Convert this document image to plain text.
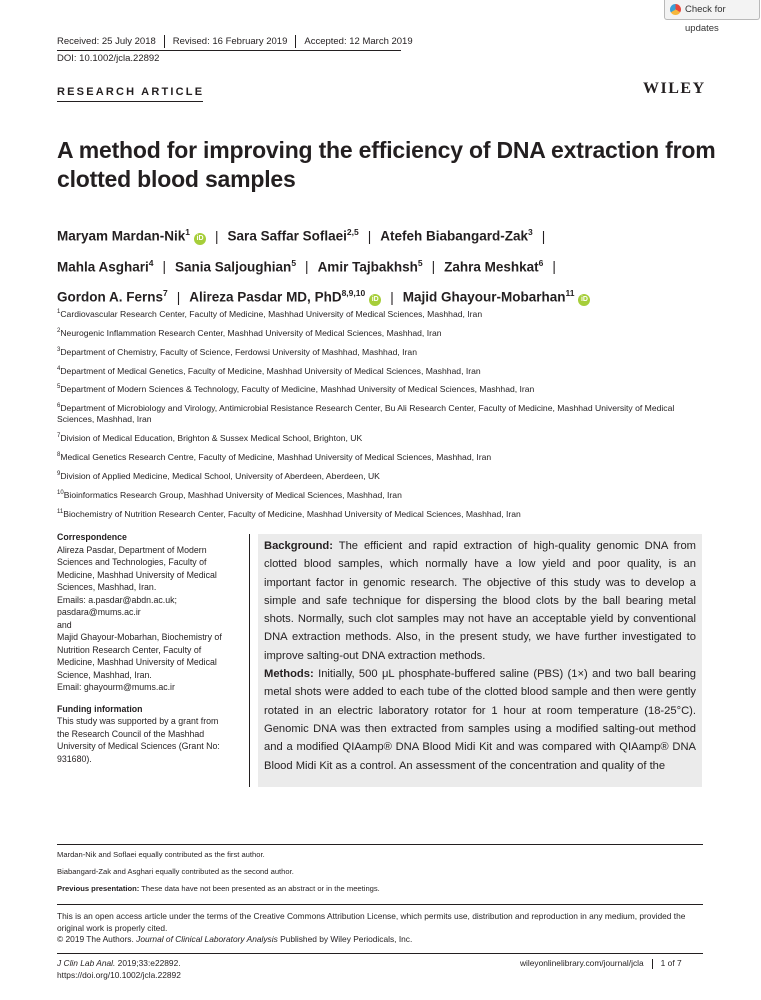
Check for updates
Received: 25 July 2018 Revised: 16 February 2019 Accepted: 12 March 2019
DOI: 10.1002/jcla.22892
RESEARCH ARTICLE	WILEY
A method for improving the efficiency of DNA extraction from clotted blood samples
Maryam Mardan-Nik$^1$iD | Sara Saffar Soflaei$^{2,5}$ | Atefeh Biabangard-Zak$^3$ |
Mahla Asghari$^4$ | Sania Saljoughian$^5$ | Amir Tajbakhsh$^5$ | Zahra Meshkat$^6$ |
Gordon A. Ferns$^7$ | Alireza Pasdar MD, PhD$^{8,9,10}$iD | Majid Ghayour-Mobarhan$^{11}$iD
$^1$Cardiovascular Research Center, Faculty of Medicine, Mashhad University of Medical Sciences, Mashhad, Iran
$^2$Neurogenic Inflammation Research Center, Mashhad University of Medical Sciences, Mashhad, Iran
$^3$Department of Chemistry, Faculty of Science, Ferdowsi University of Mashhad, Mashhad, Iran
$^4$Department of Medical Genetics, Faculty of Medicine, Mashhad University of Medical Sciences, Mashhad, Iran
$^5$Department of Modern Sciences & Technology, Faculty of Medicine, Mashhad University of Medical Sciences, Mashhad, Iran
$^6$Department of Microbiology and Virology, Antimicrobial Resistance Research Center, Bu Ali Research Center, Faculty of Medicine, Mashhad University of Medical Sciences, Mashhad, Iran
$^7$Division of Medical Education, Brighton & Sussex Medical School, Brighton, UK
$^8$Medical Genetics Research Centre, Faculty of Medicine, Mashhad University of Medical Sciences, Mashhad, Iran
$^9$Division of Applied Medicine, Medical School, University of Aberdeen, Aberdeen, UK
$^{10}$Bioinformatics Research Group, Mashhad University of Medical Sciences, Mashhad, Iran
$^{11}$Biochemistry of Nutrition Research Center, Faculty of Medicine, Mashhad University of Medical Sciences, Mashhad, Iran
Correspondence
Alireza Pasdar, Department of Modern Sciences and Technologies, Faculty of Medicine, Mashhad University of Medical Sciences, Mashhad, Iran.
Emails: a.pasdar@abdn.ac.uk; pasdara@mums.ac.ir
and
Majid Ghayour-Mobarhan, Biochemistry of Nutrition Research Center, Faculty of Medicine, Mashhad University of Medical Science, Mashhad, Iran.
Email: ghayourm@mums.ac.ir
Funding information
This study was supported by a grant from the Research Council of the Mashhad University of Medical Sciences (Grant No: 931680).

Background: The efficient and rapid extraction of high-quality genomic DNA from clotted blood samples, which normally have a low yield and poor quality, is an important factor in genomic research. The objective of this study was to develop a simple and safe technique for dispersing the blood clots by the ball bearing metal shots. Normally, such clot samples may not have an acceptable yield by conventional DNA extraction methods. Also, in the present study, we have further investigated to improve salting-out DNA extraction methods.

Methods: Initially, 500 μL phosphate-buffered saline (PBS) (1×) and two ball bearing metal shots were added to each tube of the clotted blood sample and then were gently rotated in an electric laboratory rotator for 1 hour at room temperature (18-25°C). Genomic DNA was then extracted from samples using a modified salting-out method and a modified QIAamp® DNA Blood Midi Kit and was compared with QIAamp® DNA Blood Midi Kit as a control. An assessment of the concentration and quality of the

Mardan-Nik and Soflaei equally contributed as the first author.
Biabangard-Zak and Asghari equally contributed as the second author.
Previous presentation: These data have not been presented as an abstract or in the meetings.
This is an open access article under the terms of the Creative Commons Attribution License, which permits use, distribution and reproduction in any medium, provided the original work is properly cited.
© 2019 The Authors. Journal of Clinical Laboratory Analysis Published by Wiley Periodicals, Inc.
J Clin Lab Anal. 2019;33:e22892.
https://doi.org/10.1002/jcla.22892
wileyonlinelibrary.com/journal/jcla 1 of 7
